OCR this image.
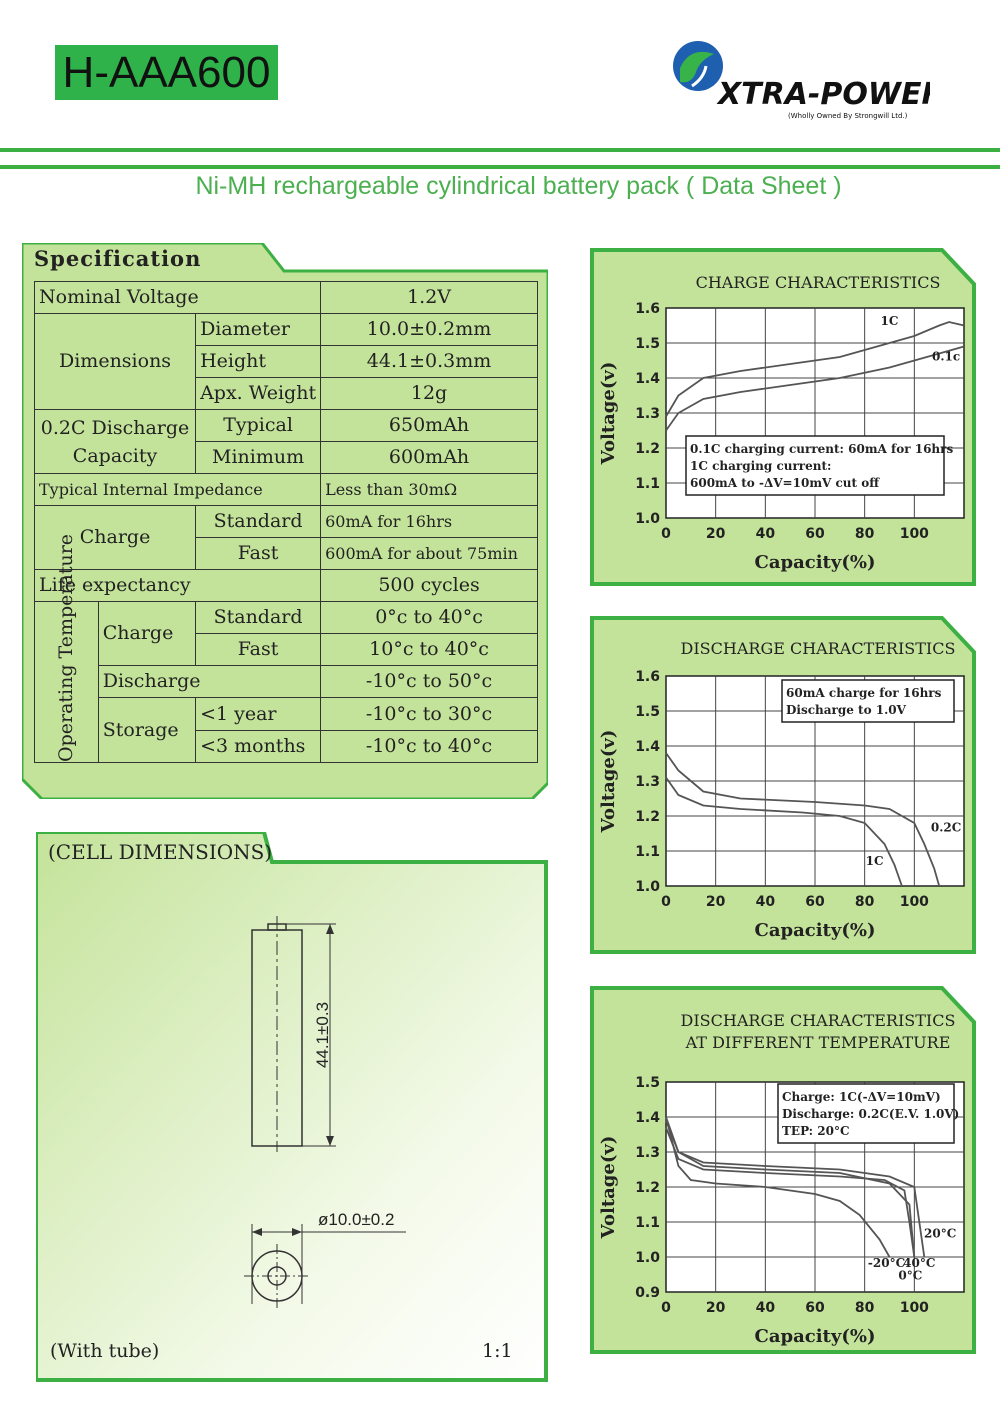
H-AAA600	XTRA-POWER
(Wholly Owned By Strongwill Ltd.)
Ni-MH rechargeable cylindrical battery pack ( Data Sheet )
Specification
Nominal Voltage			1.2V
Dimensions		Diameter	10.0±0.2mm
		Height	44.1±0.3mm
		Apx. Weight	12g
0.2C Discharge Capacity		Typical	650mAh
		Minimum	600mAh
Typical Internal Impedance			Less than 30mΩ
Charge		Standard	60mA for 16hrs
		Fast	600mA for about 75min
Life expectancy			500 cycles

Operating Temperature	Charge	Standard	0°c to 40°c
		Fast	10°c to 40°c
	Discharge		-10°c to 50°c
	Storage	<1 year	-10°c to 30°c
		<3 months	-10°c to 40°c
44.1±0.3
(CELL DIMENSIONS)
ø10.0±0.2
(With tube)	1:1
CHARGE CHARACTERISTICS
0	20 40 60 80 100
1.0
1.1
1.2
1.3
1.4
1.5
1.6
Capacity(%)
Voltage(v)
1C
0.1c
0.1C charging current: 60mA for 16hrs
1C charging current:
600mA to -ΔV=10mV cut off
DISCHARGE CHARACTERISTICS
0	20 40 60 80 100
1.0
1.1
1.2
1.3
1.4
1.5
1.6
Capacity(%)
Voltage(v)	0.2C
1C
60mA charge for 16hrs
Discharge to 1.0V
DISCHARGE CHARACTERISTICS
AT DIFFERENT TEMPERATURE
0	20 40 60 80 100
0.9
1.0
1.1
1.2
1.3
1.4
1.5
Capacity(%)
Voltage(v)	20°C
-20°C
40°C
0°C
Charge: 1C(-ΔV=10mV)
Discharge: 0.2C(E.V. 1.0V)
TEP: 20°C
